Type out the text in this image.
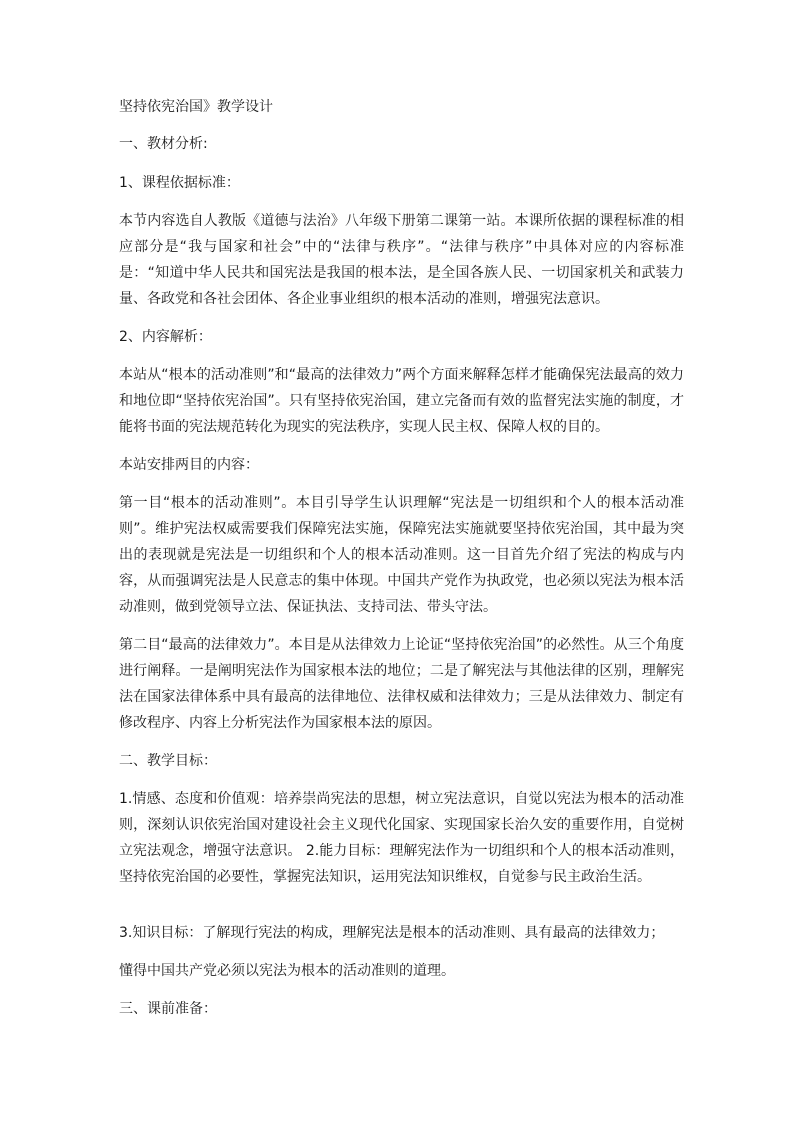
坚持依宪治国》教学设计

一、教材分析:

1、课程依据标准：

本节内容选自人教版《道德与法治》八年级下册第二课第一站。本课所依据的课程标准的相应部分是“我与国家和社会”中的“法律与秩序”。“法律与秩序”中具体对应的内容标准是：“知道中华人民共和国宪法是我国的根本法，是全国各族人民、一切国家机关和武装力量、各政党和各社会团体、各企业事业组织的根本活动的准则，增强宪法意识。

2、内容解析：

本站从“根本的活动准则”和“最高的法律效力”两个方面来解释怎样才能确保宪法最高的效力和地位即“坚持依宪治国”。只有坚持依宪治国，建立完备而有效的监督宪法实施的制度，才能将书面的宪法规范转化为现实的宪法秩序，实现人民主权、保障人权的目的。

本站安排两目的内容：

第一目“根本的活动准则”。本目引导学生认识理解“宪法是一切组织和个人的根本活动准则”。维护宪法权威需要我们保障宪法实施，保障宪法实施就要坚持依宪治国，其中最为突出的表现就是宪法是一切组织和个人的根本活动准则。这一目首先介绍了宪法的构成与内容，从而强调宪法是人民意志的集中体现。中国共产党作为执政党，也必须以宪法为根本活动准则，做到党领导立法、保证执法、支持司法、带头守法。

第二目“最高的法律效力”。本目是从法律效力上论证“坚持依宪治国”的必然性。从三个角度进行阐释。一是阐明宪法作为国家根本法的地位；二是了解宪法与其他法律的区别，理解宪法在国家法律体系中具有最高的法律地位、法律权威和法律效力；三是从法律效力、制定有修改程序、内容上分析宪法作为国家根本法的原因。

二、教学目标：

1.情感、态度和价值观：培养崇尚宪法的思想，树立宪法意识，自觉以宪法为根本的活动准则，深刻认识依宪治国对建设社会主义现代化国家、实现国家长治久安的重要作用，自觉树立宪法观念，增强守法意识。 2.能力目标：理解宪法作为一切组织和个人的根本活动准则，坚持依宪治国的必要性，掌握宪法知识，运用宪法知识维权，自觉参与民主政治生活。

3.知识目标：了解现行宪法的构成，理解宪法是根本的活动准则、具有最高的法律效力；

懂得中国共产党必须以宪法为根本的活动准则的道理。

三、课前准备：
